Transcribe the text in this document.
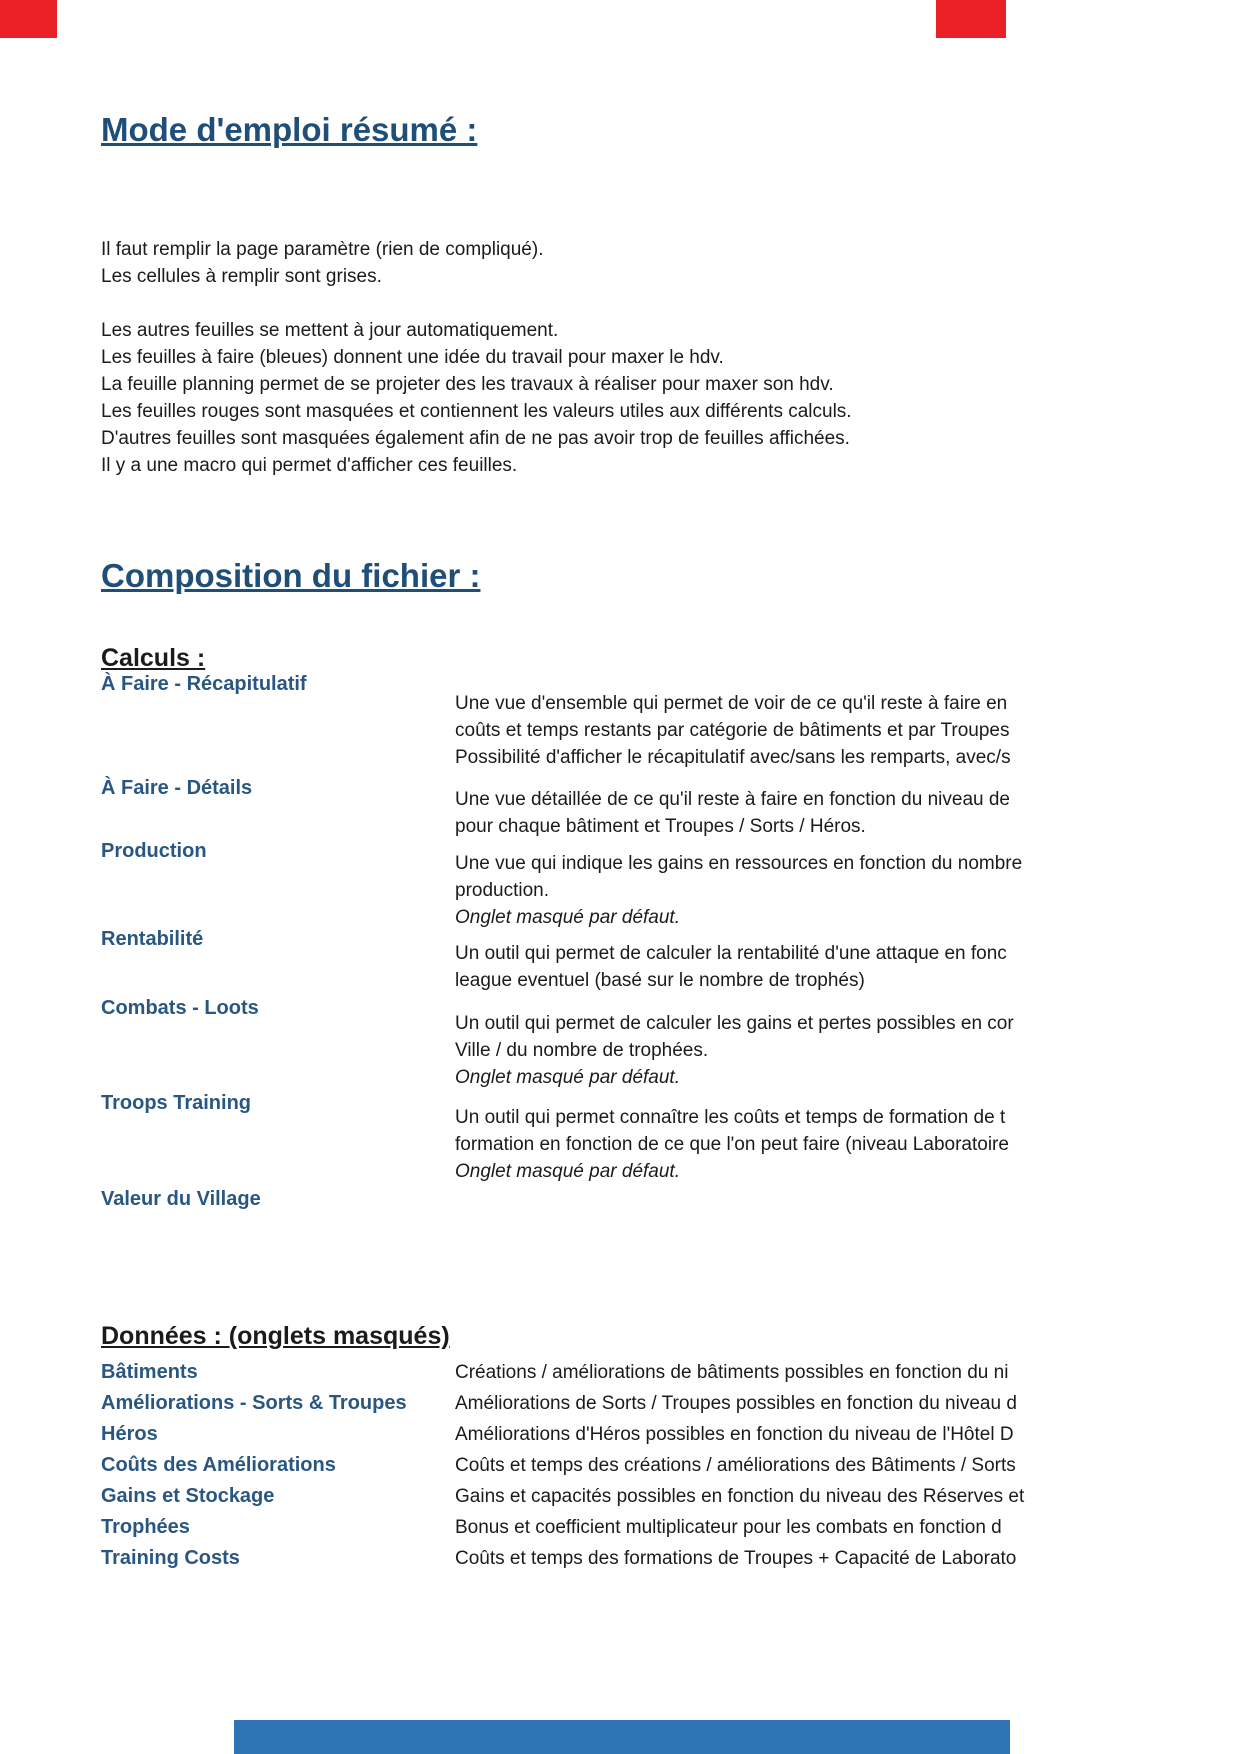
Mode d'emploi résumé :
Il faut remplir la page paramètre (rien de compliqué).
Les cellules à remplir sont grises.
Les autres feuilles se mettent à jour automatiquement.
Les feuilles à faire (bleues) donnent une idée du travail pour maxer le hdv.
La feuille planning permet de se projeter des les travaux à réaliser pour maxer son hdv.
Les feuilles rouges sont masquées et contiennent les valeurs utiles aux différents calculs.
D'autres feuilles sont masquées également afin de ne pas avoir trop de feuilles affichées.
Il y a une macro qui permet d'afficher ces feuilles.
Composition du fichier :
Calculs :
À Faire - Récapitulatif
Une vue d'ensemble qui permet de voir de ce qu'il reste à faire en
coûts et temps restants par catégorie de bâtiments et par Troupes
Possibilité d'afficher le récapitulatif avec/sans les remparts, avec/s
À Faire - Détails
Une vue détaillée de ce qu'il reste à faire en fonction du niveau de
pour chaque bâtiment et Troupes / Sorts / Héros.
Production
Une vue qui indique les gains en ressources en fonction du nombre
production.
Onglet masqué par défaut.
Rentabilité
Un outil qui permet de calculer la rentabilité d'une attaque en fonc
league eventuel (basé sur le nombre de trophés)
Combats - Loots
Un outil qui permet de calculer les gains et pertes possibles en cor
Ville / du nombre de trophées.
Onglet masqué par défaut.
Troops Training
Un outil qui permet connaître les coûts et temps de formation de t
formation en fonction de ce que l'on peut faire (niveau Laboratoire
Onglet masqué par défaut.
Valeur du Village
Données : (onglets masqués)
Bâtiments	Créations / améliorations de bâtiments possibles en fonction du ni
Améliorations - Sorts & Troupes	Améliorations de Sorts / Troupes possibles en fonction du niveau d
Héros	Améliorations d'Héros possibles en fonction du niveau de l'Hôtel D
Coûts des Améliorations	Coûts et temps des créations / améliorations des Bâtiments / Sorts
Gains et Stockage	Gains et capacités possibles en fonction du niveau des Réserves et
Trophées	Bonus et coefficient multiplicateur pour les combats en fonction d
Training Costs	Coûts et temps des formations de Troupes + Capacité de Laborato
